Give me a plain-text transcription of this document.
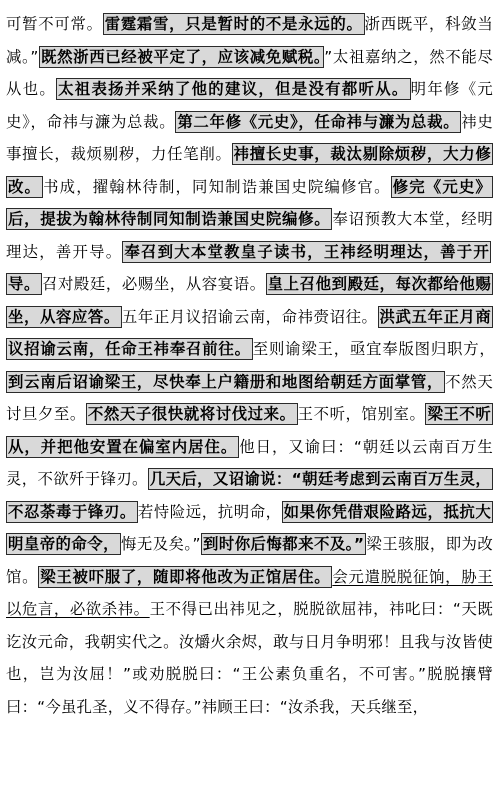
可暂不可常。 雷霆霜雪，只是暂时的不是永远的。 浙西既平，科敛当减。” 既然浙西已经被平定了，应该减免赋税。 ”太祖嘉纳之，然不能尽从也。 太祖表扬并采纳了他的建议，但是没有都听从。 明年修《元史》，命祎与濂为总裁。 第二年修《元史》，任命祎与濂为总裁。 祎史事擅长，裁烦剔秽，力任笔削。 祎擅长史事，裁汰剔除烦秽，大力修改。 书成，擢翰林待制，同知制诰兼国史院编修官。 修完《元史》后，提拔为翰林待制同知制诰兼国史院编修。 奉诏预教大本堂，经明理达，善开导。 奉召到大本堂教皇子读书，王祎经明理达，善于开导。 召对殿廷，必赐坐，从容宴语。 皇上召他到殿廷，每次都给他赐坐，从容应答。 五年正月议招谕云南，命祎赍诏往。 洪武五年正月商议招谕云南，任命王祎奉召前往。 至则谕梁王，亟宜奉版图归职方，到云南后诏谕梁王，尽快奉上户籍册和地图给朝廷方面掌管， 不然天讨旦夕至。 不然天子很快就将讨伐过来。 王不听，馆别室。 梁王不听从，并把他安置在偏室内居住。 他日，又谕曰：“朝廷以云南百万生灵，不欲歼于锋刃。 几天后，又诏谕说：“朝廷考虑到云南百万生灵，不忍荼毒于锋刃。 若恃险远，抗明命， 如果你凭借艰险路远，抵抗大明皇帝的命令， 悔无及矣。” 到时你后悔都来不及。” 梁王骇服，即为改馆。 梁王被吓服了，随即将他改为正馆居住。 会元遣脱脱征饷，胁王以危言，必欲杀祎。王不得已出祎见之，脱脱欲屈祎，祎叱曰：“天既讫汝元命，我朝实代之。汝爝火余烬，敢与日月争明邪！且我与汝皆使也，岂为汝屈！”或劝脱脱曰：“王公素负重名，不可害。”脱脱攘臂曰：“今虽孔圣，义不得存。”祎顾王曰：“汝杀我，天兵继至，
